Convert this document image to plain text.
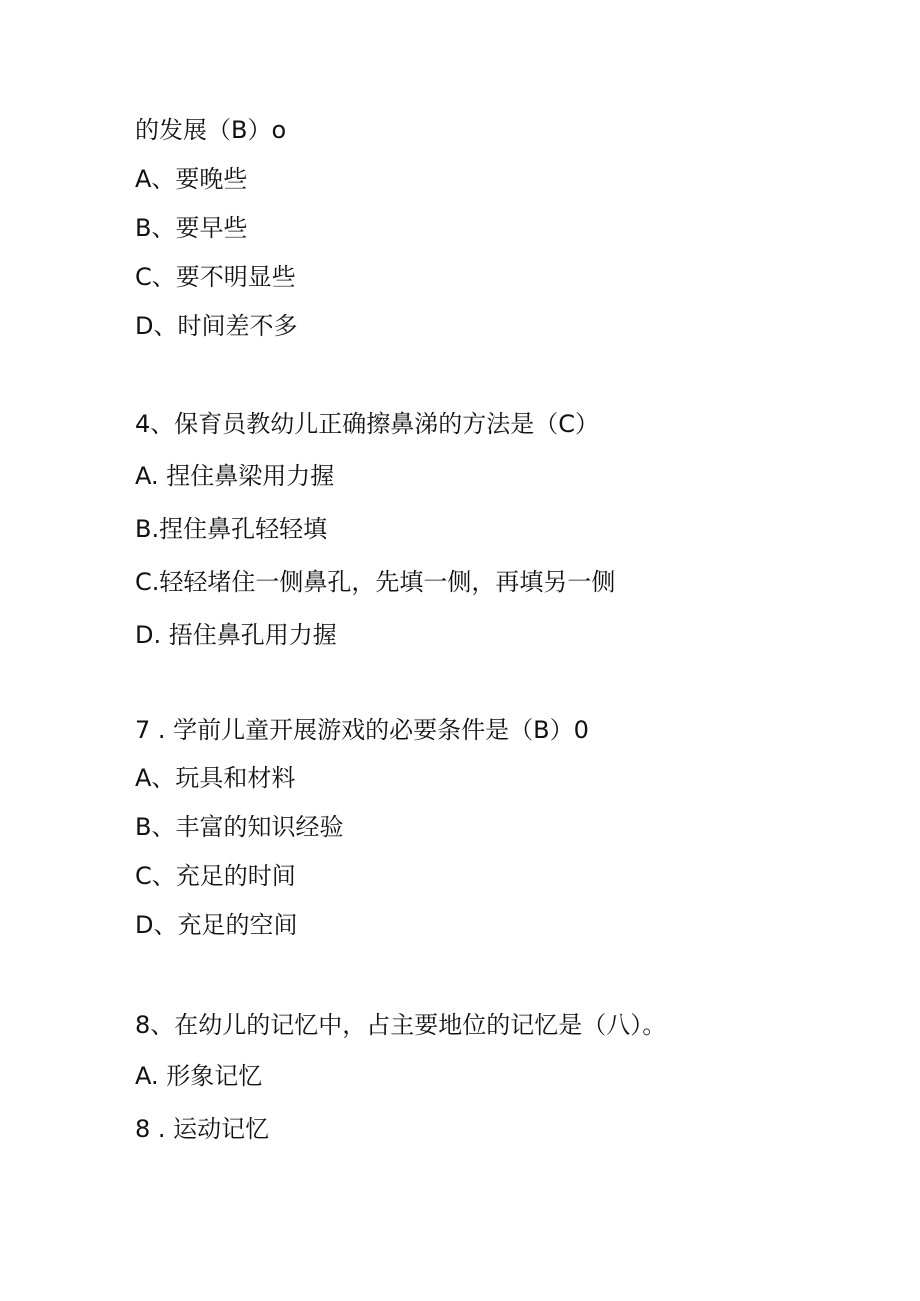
的发展（B）o
A、要晚些
B、要早些
C、要不明显些
D、时间差不多
4、保育员教幼儿正确擦鼻涕的方法是（C）
A. 捏住鼻梁用力握
B.捏住鼻孔轻轻填
C.轻轻堵住一侧鼻孔，先填一侧，再填另一侧
D. 捂住鼻孔用力握
7 . 学前儿童开展游戏的必要条件是（B）0
A、玩具和材料
B、丰富的知识经验
C、充足的时间
D、充足的空间
8、在幼儿的记忆中，占主要地位的记忆是（八）。
A. 形象记忆
8 . 运动记忆
